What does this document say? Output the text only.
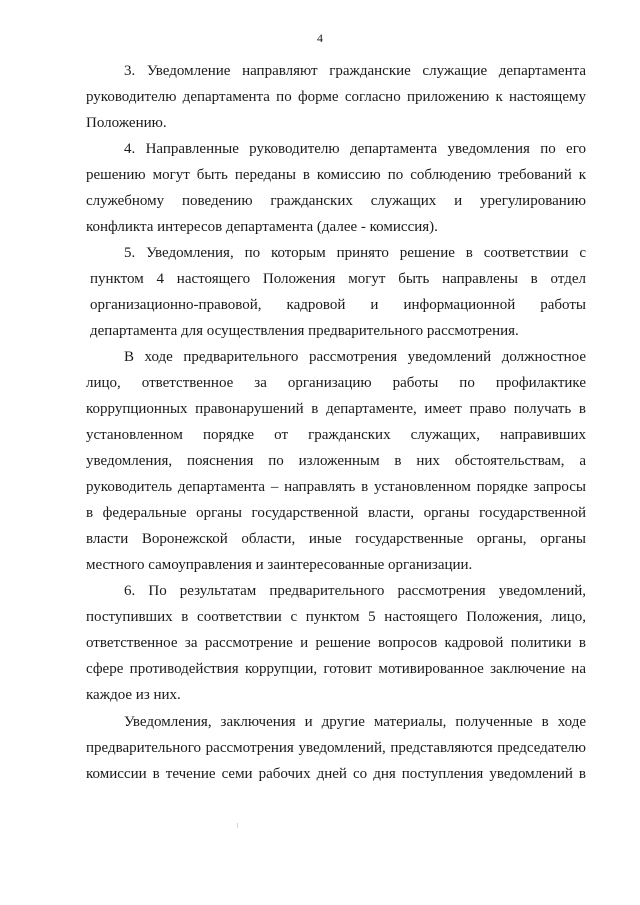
4
3. Уведомление направляют гражданские служащие департамента
руководителю департамента по форме согласно приложению к настоящему
Положению.
4. Направленные руководителю департамента уведомления по его
решению могут быть переданы в комиссию по соблюдению требований к
служебному поведению гражданских служащих и урегулированию
конфликта интересов департамента (далее - комиссия).
5. Уведомления, по которым принято решение в соответствии с
пунктом 4 настоящего Положения могут быть направлены в отдел
организационно-правовой, кадровой и информационной работы
департамента для осуществления предварительного рассмотрения.
В ходе предварительного рассмотрения уведомлений должностное
лицо, ответственное за организацию работы по профилактике
коррупционных правонарушений в департаменте, имеет право получать в
установленном порядке от гражданских служащих, направивших
уведомления, пояснения по изложенным в них обстоятельствам, а
руководитель департамента – направлять в установленном порядке запросы
в федеральные органы государственной власти, органы государственной
власти Воронежской области, иные государственные органы, органы
местного самоуправления и заинтересованные организации.
6. По результатам предварительного рассмотрения уведомлений,
поступивших в соответствии с пунктом 5 настоящего Положения, лицо,
ответственное за рассмотрение и решение вопросов кадровой политики в
сфере противодействия коррупции, готовит мотивированное заключение на
каждое из них.
Уведомления, заключения и другие материалы, полученные в ходе
предварительного рассмотрения уведомлений, представляются председателю
комиссии в течение семи рабочих дней со дня поступления уведомлений в
